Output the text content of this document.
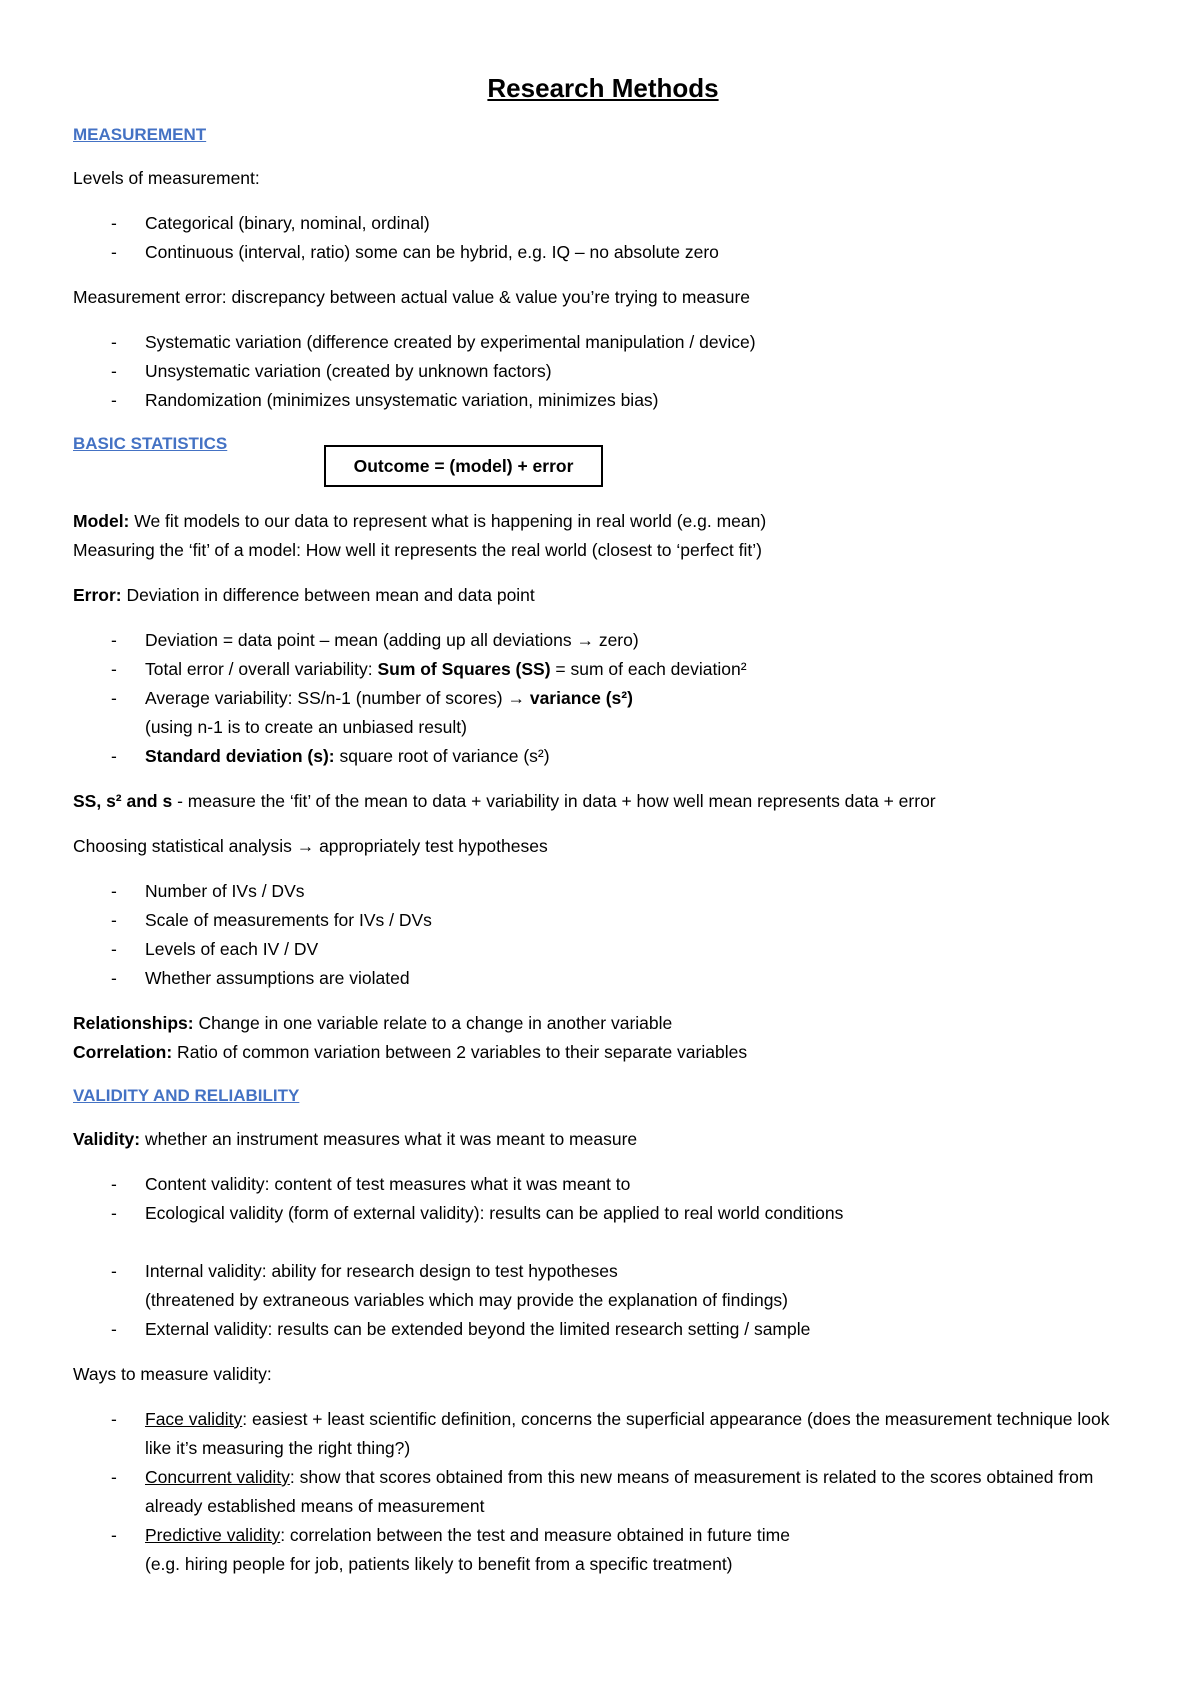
Research Methods
MEASUREMENT
Levels of measurement:
- Categorical (binary, nominal, ordinal)
- Continuous (interval, ratio) some can be hybrid, e.g. IQ – no absolute zero
Measurement error: discrepancy between actual value & value you’re trying to measure
- Systematic variation (difference created by experimental manipulation / device)
- Unsystematic variation (created by unknown factors)
- Randomization (minimizes unsystematic variation, minimizes bias)
BASIC STATISTICS
Outcome = (model) + error
Model: We fit models to our data to represent what is happening in real world (e.g. mean)
Measuring the ‘fit’ of a model: How well it represents the real world (closest to ‘perfect fit’)
Error: Deviation in difference between mean and data point
- Deviation = data point – mean (adding up all deviations → zero)
- Total error / overall variability: Sum of Squares (SS) = sum of each deviation²
- Average variability: SS/n-1 (number of scores) → variance (s²)
(using n-1 is to create an unbiased result)
- Standard deviation (s): square root of variance (s²)
SS, s² and s - measure the ‘fit’ of the mean to data + variability in data + how well mean represents data + error
Choosing statistical analysis → appropriately test hypotheses
- Number of IVs / DVs
- Scale of measurements for IVs / DVs
- Levels of each IV / DV
- Whether assumptions are violated
Relationships: Change in one variable relate to a change in another variable
Correlation: Ratio of common variation between 2 variables to their separate variables
VALIDITY AND RELIABILITY
Validity: whether an instrument measures what it was meant to measure
- Content validity: content of test measures what it was meant to
- Ecological validity (form of external validity): results can be applied to real world conditions
- Internal validity: ability for research design to test hypotheses
(threatened by extraneous variables which may provide the explanation of findings)
- External validity: results can be extended beyond the limited research setting / sample
Ways to measure validity:
- Face validity: easiest + least scientific definition, concerns the superficial appearance (does the measurement technique look like it’s measuring the right thing?)
- Concurrent validity: show that scores obtained from this new means of measurement is related to the scores obtained from already established means of measurement
- Predictive validity: correlation between the test and measure obtained in future time
(e.g. hiring people for job, patients likely to benefit from a specific treatment)
